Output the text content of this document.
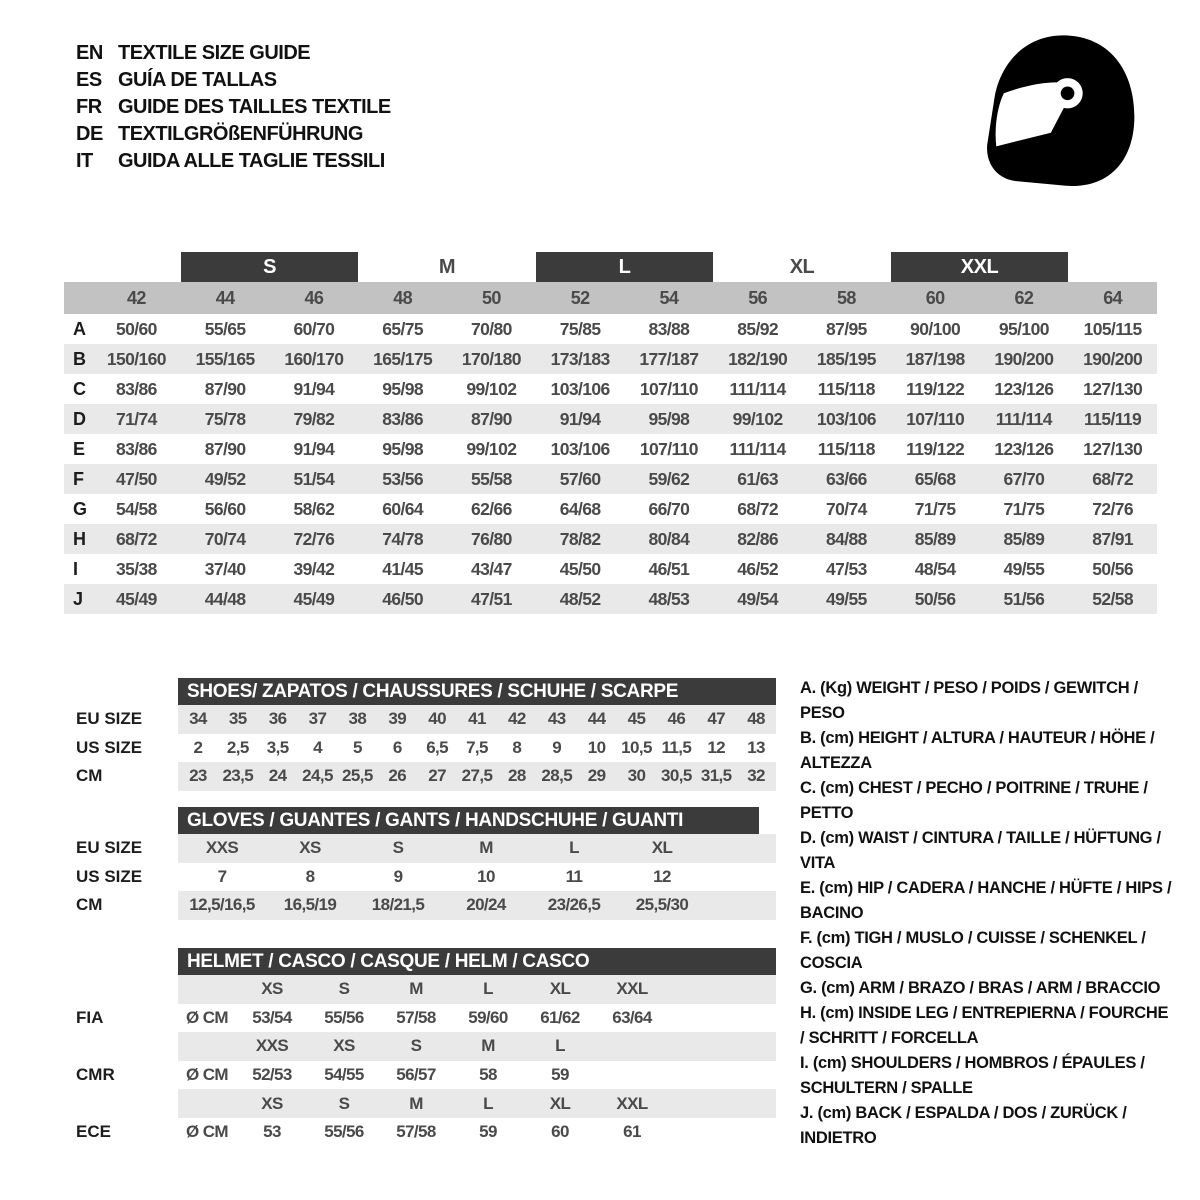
EN TEXTILE SIZE GUIDE
ES GUÍA DE TALLAS
FR GUIDE DES TAILLES TEXTILE
DE TEXTILGRÖßENFÜHRUNG
IT	GUIDA ALLE TAGLIE TESSILI
S	M	L	XL	XXL
42	44	46	48	50	52	54	56	58	60	62	64
A	50/60	55/65	60/70	65/75	70/80	75/85	83/88	85/92	87/95	90/100	95/100	105/115
B	150/160	155/165	160/170	165/175	170/180	173/183	177/187	182/190	185/195	187/198	190/200	190/200
C	83/86	87/90	91/94	95/98	99/102	103/106	107/110	111/114	115/118	119/122	123/126	127/130
D	71/74	75/78	79/82	83/86	87/90	91/94	95/98	99/102	103/106	107/110	111/114	115/119
E	83/86	87/90	91/94	95/98	99/102	103/106	107/110	111/114	115/118	119/122	123/126	127/130
F	47/50	49/52	51/54	53/56	55/58	57/60	59/62	61/63	63/66	65/68	67/70	68/72
G	54/58	56/60	58/62	60/64	62/66	64/68	66/70	68/72	70/74	71/75	71/75	72/76
H	68/72	70/74	72/76	74/78	76/80	78/82	80/84	82/86	84/88	85/89	85/89	87/91
I	35/38	37/40	39/42	41/45	43/47	45/50	46/51	46/52	47/53	48/54	49/55	50/56
J	45/49	44/48	45/49	46/50	47/51	48/52	48/53	49/54	49/55	50/56	51/56	52/58
SHOES/ ZAPATOS / CHAUSSURES / SCHUHE / SCARPE
EU SIZE	34	35	36	37	38	39	40	41	42	43	44	45	46	47	48
US SIZE	2	2,5	3,5	4	5	6	6,5	7,5	8	9	10 10,5 11,5 12	13
CM	23 23,5 24 24,5 25,5 26	27 27,5 28 28,5 29	30 30,5 31,5 32
GLOVES / GUANTES / GANTS / HANDSCHUHE / GUANTI
EU SIZE	XXS	XS	S	M	L	XL
US SIZE	7	8	9	10	11	12
CM	12,5/16,5	16,5/19	18/21,5	20/24	23/26,5	25,5/30
HELMET / CASCO / CASQUE / HELM / CASCO
XS	S	M	L	XL	XXL
FIA	Ø CM	53/54	55/56	57/58	59/60	61/62	63/64
XXS	XS	S	M	L
CMR	Ø CM	52/53	54/55	56/57	58	59
XS	S	M	L	XL	XXL
ECE	Ø CM	53	55/56	57/58	59	60	61
A. (Kg) WEIGHT / PESO / POIDS / GEWITCH / PESO
B. (cm) HEIGHT / ALTURA / HAUTEUR / HÖHE / ALTEZZA
C. (cm) CHEST / PECHO / POITRINE / TRUHE / PETTO
D. (cm) WAIST / CINTURA / TAILLE / HÜFTUNG / VITA
E. (cm) HIP / CADERA / HANCHE / HÜFTE / HIPS / BACINO
F. (cm) TIGH / MUSLO / CUISSE / SCHENKEL / COSCIA
G. (cm) ARM / BRAZO / BRAS / ARM / BRACCIO
H. (cm) INSIDE LEG / ENTREPIERNA / FOURCHE / SCHRITT / FORCELLA
I. (cm) SHOULDERS / HOMBROS / ÉPAULES / SCHULTERN / SPALLE
J. (cm) BACK / ESPALDA / DOS / ZURÜCK / INDIETRO
